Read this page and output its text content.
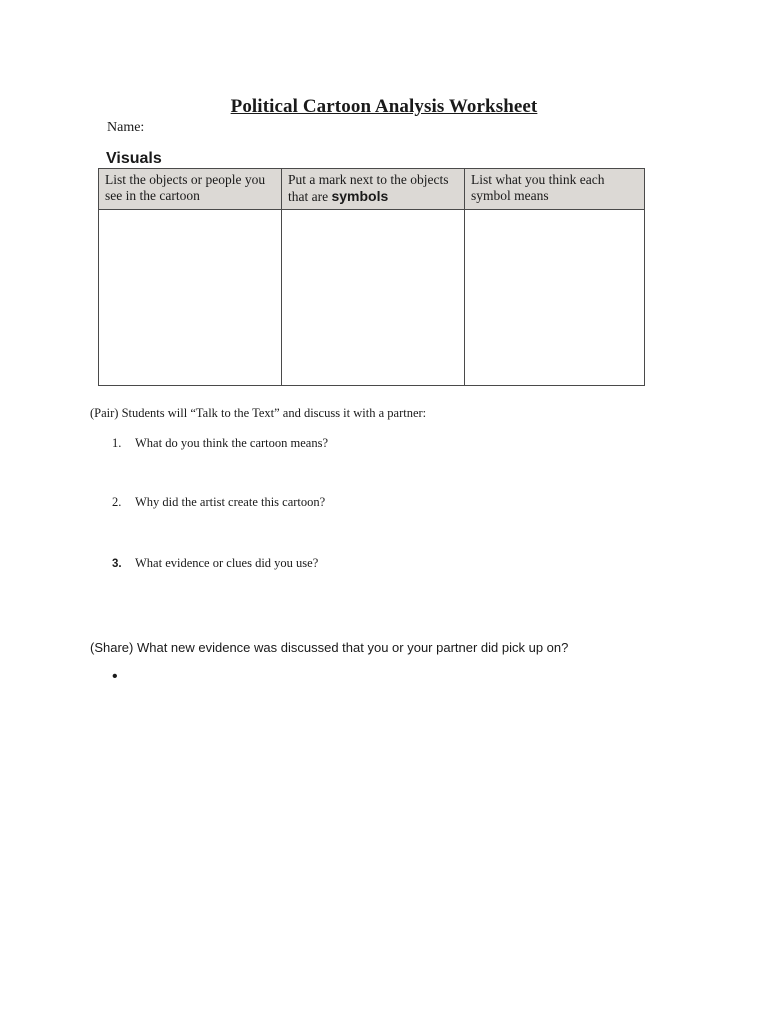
Political Cartoon Analysis Worksheet
Name:
Visuals
List the objects or people you see in the cartoon	Put a mark next to the objects that are symbols	List what you think each symbol means

(Pair) Students will “Talk to the Text” and discuss it with a partner:
1. What do you think the cartoon means?
2. Why did the artist create this cartoon?
3. What evidence or clues did you use?
(Share) What new evidence was discussed that you or your partner did pick up on?
•
